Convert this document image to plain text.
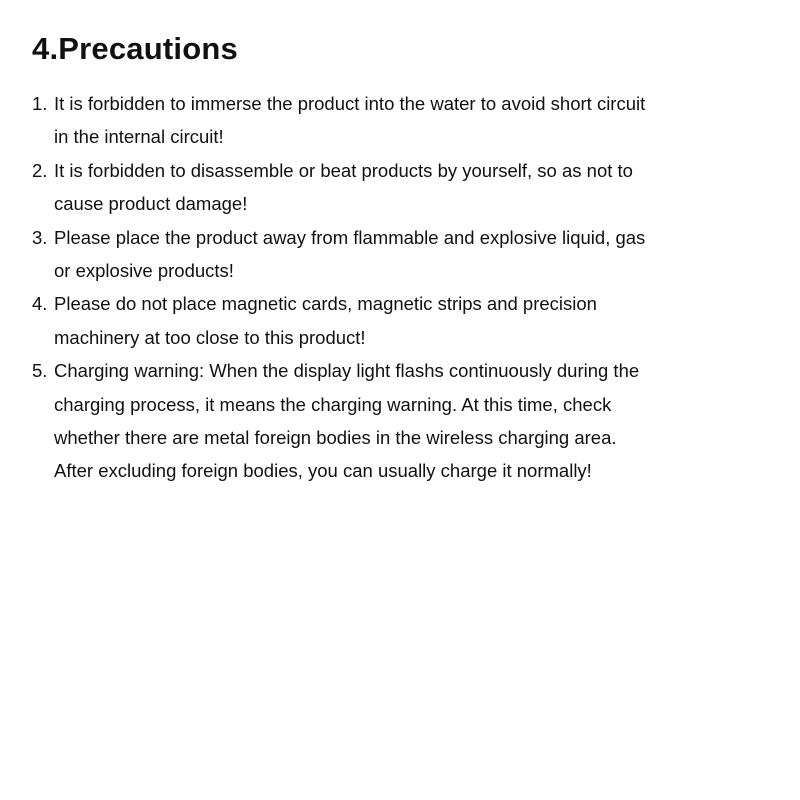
4.Precautions
1. It is forbidden to immerse the product into the water to avoid short circuit
in the internal circuit!
2. It is forbidden to disassemble or beat products by yourself, so as not to
cause product damage!
3. Please place the product away from flammable and explosive liquid, gas
or explosive products!
4. Please do not place magnetic cards, magnetic strips and precision
machinery at too close to this product!
5. Charging warning: When the display light flashs continuously during the
charging process, it means the charging warning. At this time, check
whether there are metal foreign bodies in the wireless charging area.
After excluding foreign bodies, you can usually charge it normally!
